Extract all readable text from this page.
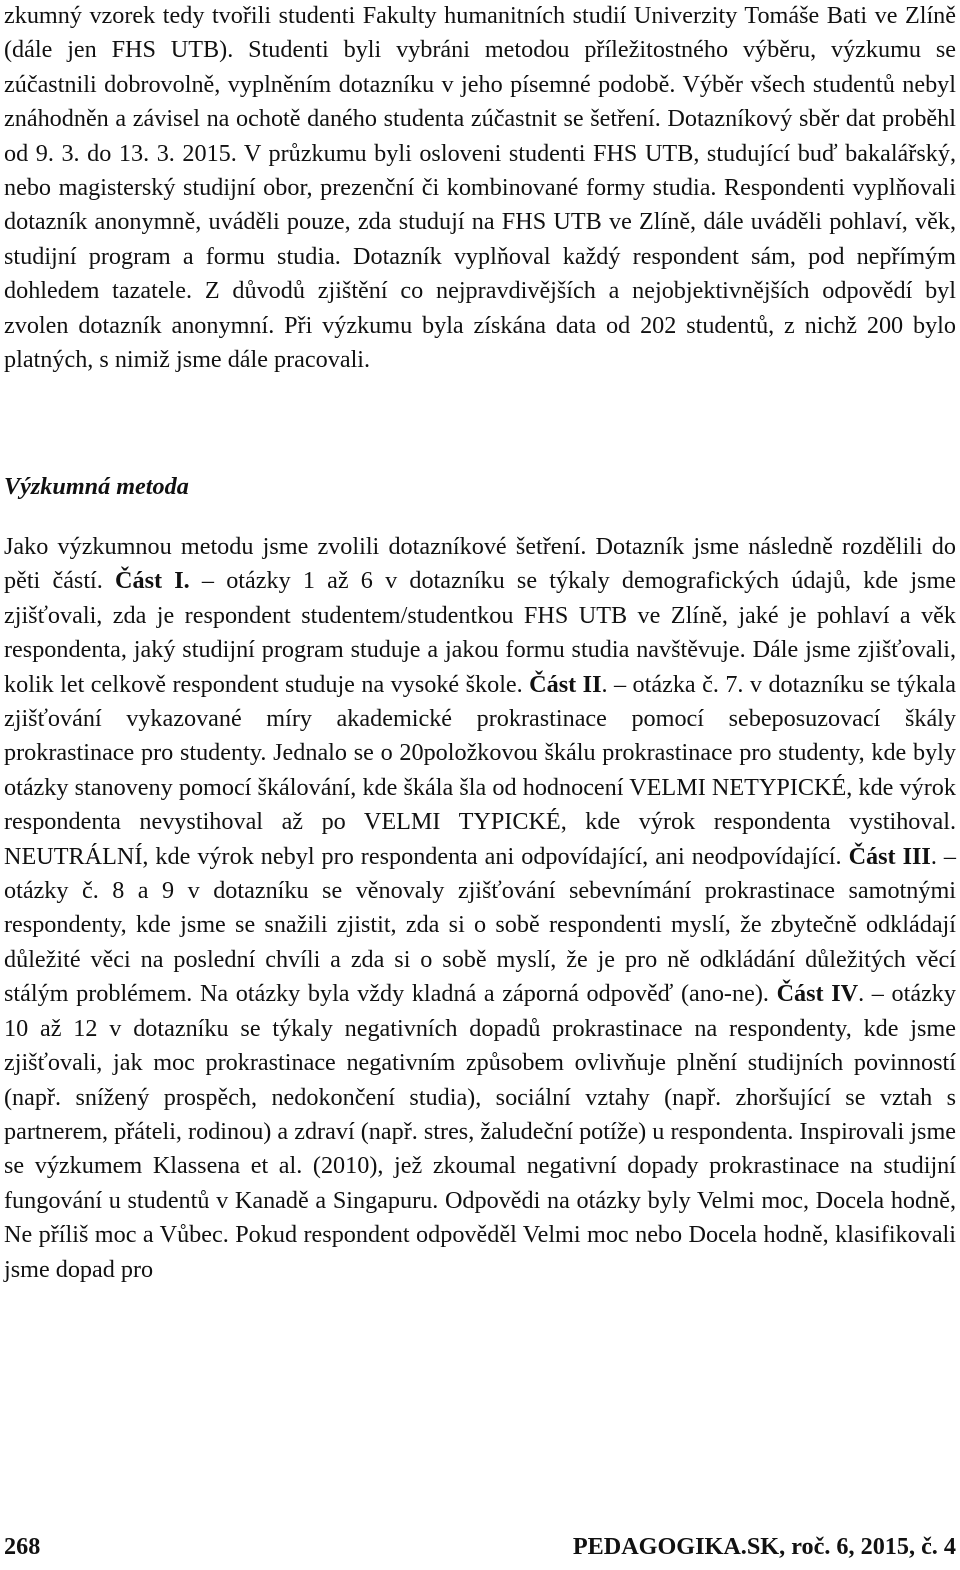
zkumný vzorek tedy tvořili studenti Fakulty humanitních studií Univerzity Tomáše Bati ve Zlíně (dále jen FHS UTB). Studenti byli vybráni metodou příležitostného výběru, výzkumu se zúčastnili dobrovolně, vyplněním dotazníku v jeho písemné podobě. Výběr všech studentů nebyl znáhodněn a závisel na ochotě daného studenta zúčastnit se šetření. Dotazníkový sběr dat proběhl od 9. 3. do 13. 3. 2015. V průzkumu byli osloveni studenti FHS UTB, studující buď bakalářský, nebo magisterský studijní obor, prezenční či kombinované formy studia. Respondenti vyplňovali dotazník anonymně, uváděli pouze, zda studují na FHS UTB ve Zlíně, dále uváděli pohlaví, věk, studijní program a formu studia. Dotazník vyplňoval každý respondent sám, pod nepřímým dohledem tazatele. Z důvodů zjištění co nejpravdivějších a nejobjektivnějších odpovědí byl zvolen dotazník anonymní. Při výzkumu byla získána data od 202 studentů, z nichž 200 bylo platných, s nimiž jsme dále pracovali.

Výzkumná metoda

Jako výzkumnou metodu jsme zvolili dotazníkové šetření. Dotazník jsme následně rozdělili do pěti částí. Část I. – otázky 1 až 6 v dotazníku se týkaly demografických údajů, kde jsme zjišťovali, zda je respondent studentem/studentkou FHS UTB ve Zlíně, jaké je pohlaví a věk respondenta, jaký studijní program studuje a jakou formu studia navštěvuje. Dále jsme zjišťovali, kolik let celkově respondent studuje na vysoké škole. Část II. – otázka č. 7. v dotazníku se týkala zjišťování vykazované míry akademické prokrastinace pomocí sebeposuzovací škály prokrastinace pro studenty. Jednalo se o 20položkovou škálu prokrastinace pro studenty, kde byly otázky stanoveny pomocí škálování, kde škála šla od hodnocení VELMI NETYPICKÉ, kde výrok respondenta nevystihoval až po VELMI TYPICKÉ, kde výrok respondenta vystihoval. NEUTRÁLNÍ, kde výrok nebyl pro respondenta ani odpovídající, ani neodpovídající. Část III. – otázky č. 8 a 9 v dotazníku se věnovaly zjišťování sebevnímání prokrastinace samotnými respondenty, kde jsme se snažili zjistit, zda si o sobě respondenti myslí, že zbytečně odkládají důležité věci na poslední chvíli a zda si o sobě myslí, že je pro ně odkládání důležitých věcí stálým problémem. Na otázky byla vždy kladná a záporná odpověď (ano-ne). Část IV. – otázky 10 až 12 v dotazníku se týkaly negativních dopadů prokrastinace na respondenty, kde jsme zjišťovali, jak moc prokrastinace negativním způsobem ovlivňuje plnění studijních povinností (např. snížený prospěch, nedokončení studia), sociální vztahy (např. zhoršující se vztah s partnerem, přáteli, rodinou) a zdraví (např. stres, žaludeční potíže) u respondenta. Inspirovali jsme se výzkumem Klassena et al. (2010), jež zkoumal negativní dopady prokrastinace na studijní fungování u studentů v Kanadě a Singapuru. Odpovědi na otázky byly Velmi moc, Docela hodně, Ne příliš moc a Vůbec. Pokud respondent odpověděl Velmi moc nebo Docela hodně, klasifikovali jsme dopad pro

268	PEDAGOGIKA.SK, roč. 6, 2015, č. 4
